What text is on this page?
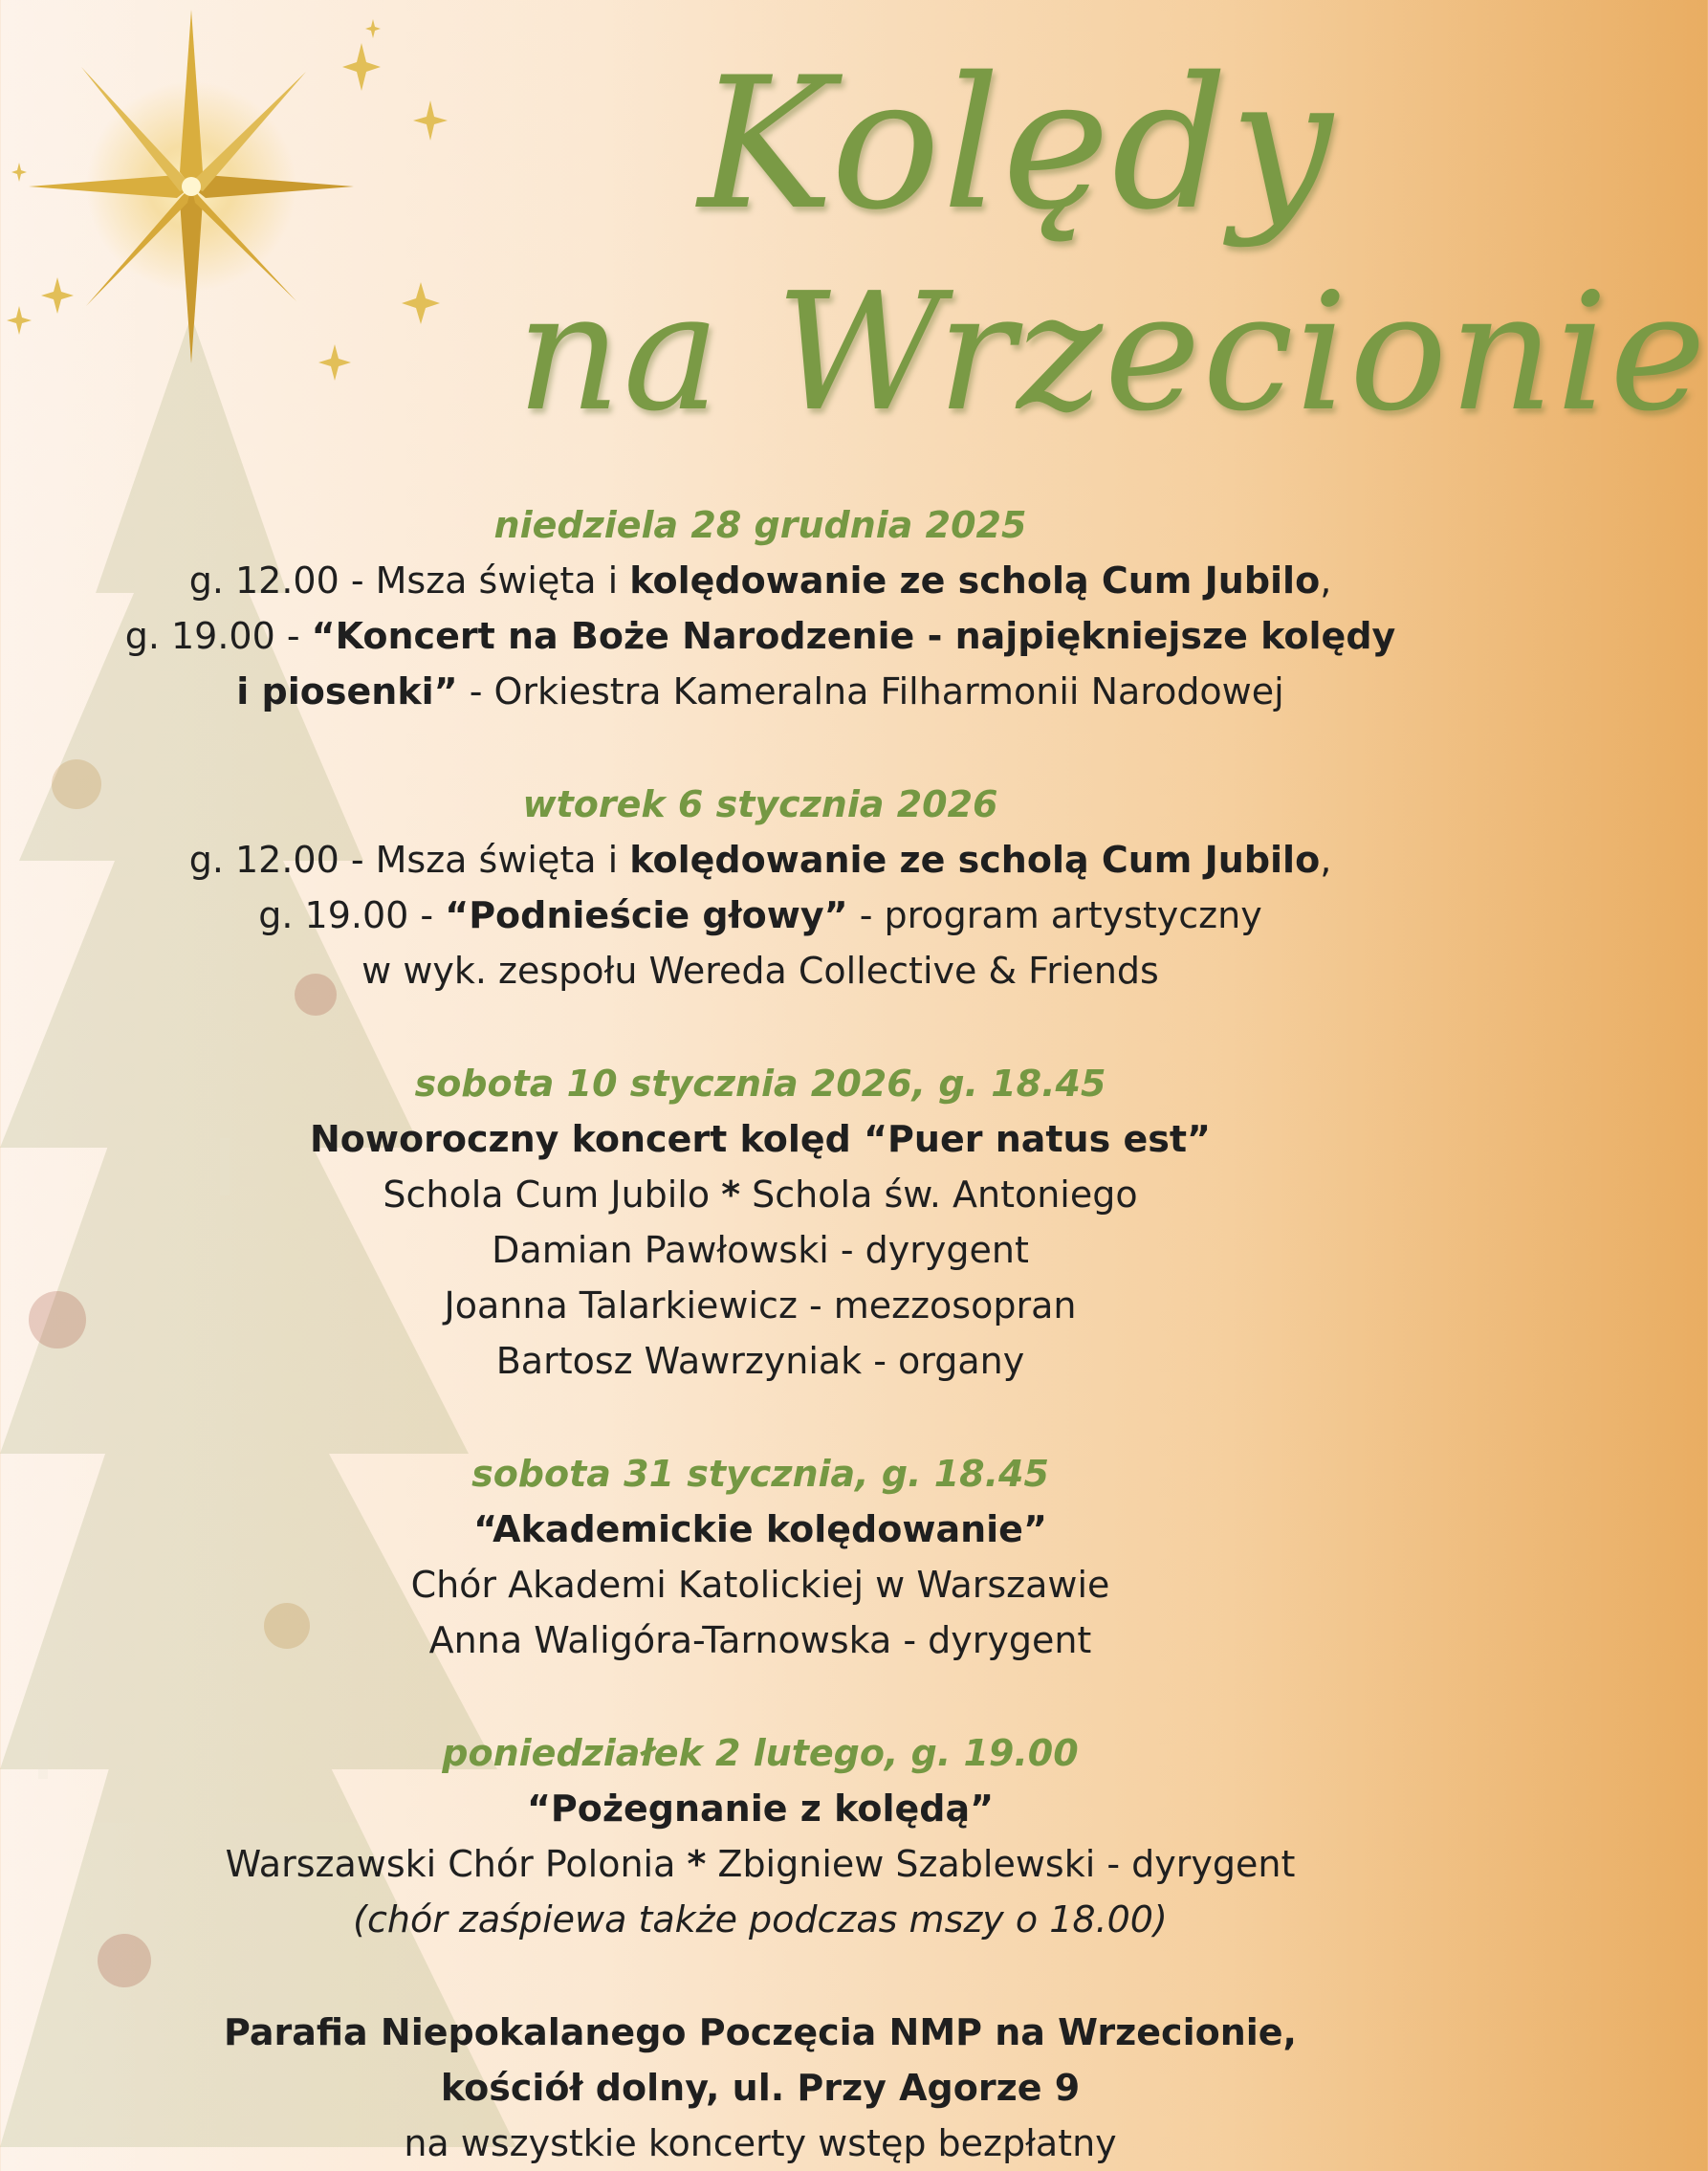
Kolędy
na Wrzecionie
niedziela 28 grudnia 2025
g. 12.00 - Msza święta i kolędowanie ze scholą Cum Jubilo,
g. 19.00 - “Koncert na Boże Narodzenie - najpiękniejsze kolędy
i piosenki” - Orkiestra Kameralna Filharmonii Narodowej
wtorek 6 stycznia 2026
g. 12.00 - Msza święta i kolędowanie ze scholą Cum Jubilo,
g. 19.00 - “Podnieście głowy” - program artystyczny
w wyk. zespołu Wereda Collective & Friends
sobota 10 stycznia 2026, g. 18.45
Noworoczny koncert kolęd “Puer natus est”
Schola Cum Jubilo * Schola św. Antoniego
Damian Pawłowski - dyrygent
Joanna Talarkiewicz - mezzosopran
Bartosz Wawrzyniak - organy
sobota 31 stycznia, g. 18.45
“Akademickie kolędowanie”
Chór Akademi Katolickiej w Warszawie
Anna Waligóra-Tarnowska - dyrygent
poniedziałek 2 lutego, g. 19.00
“Pożegnanie z kolędą”
Warszawski Chór Polonia * Zbigniew Szablewski - dyrygent
(chór zaśpiewa także podczas mszy o 18.00)
Parafia Niepokalanego Poczęcia NMP na Wrzecionie,
kościół dolny, ul. Przy Agorze 9
na wszystkie koncerty wstęp bezpłatny
